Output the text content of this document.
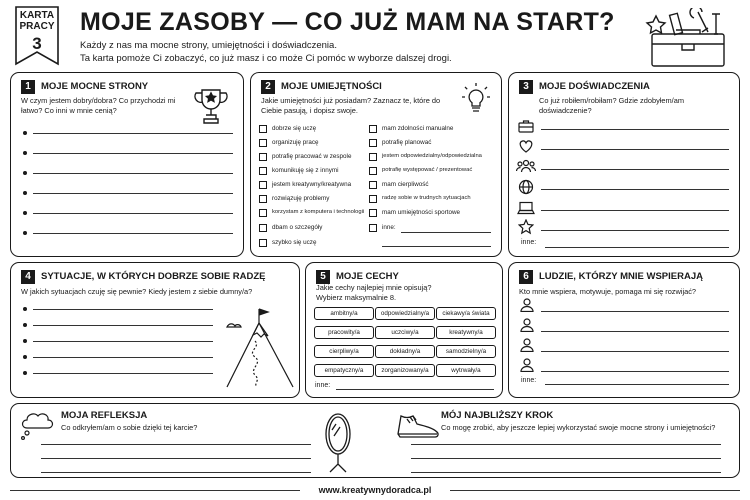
KARTA
PRACY
3
MOJE ZASOBY — CO JUŻ MAM NA START?
Każdy z nas ma mocne strony, umiejętności i doświadczenia.
Ta karta pomoże Ci zobaczyć, co już masz i co może Ci pomóc w wyborze dalszej drogi.
1	MOJE MOCNE STRONY
W czym jestem dobry/dobra? Co przychodzi mi
łatwo? Co inni w mnie cenią?
2	MOJE UMIEJĘTNOŚCI
Jakie umiejętności już posiadam? Zaznacz te, które do
Ciebie pasują, i dopisz swoje.
dobrze się uczę
organizuję pracę
potrafię pracować w zespole
komunikuję się z innymi
jestem kreatywny/kreatywna
rozwiązuję problemy
korzystam z komputera i technologii
dbam o szczegóły
szybko się uczę
mam zdolności manualne
potrafię planować
jestem odpowiedzialny/odpowiedzialna
potrafię występować / prezentować
mam cierpliwość
radzę sobie w trudnych sytuacjach
mam umiejętności sportowe
inne:
3	MOJE DOŚWIADCZENIA
Co już robiłem/robiłam? Gdzie zdobyłem/am
doświadczenie?
inne:
4	SYTUACJE, W KTÓRYCH DOBRZE SOBIE RADZĘ
W jakich sytuacjach czuję się pewnie? Kiedy jestem z siebie dumny/a?
5	MOJE CECHY
Jakie cechy najlepiej mnie opisują?
Wybierz maksymalnie 8.
ambitny/a	odpowiedzialny/a	ciekawy/a świata
pracowity/a	uczciwy/a	kreatywny/a
cierpliwy/a	dokładny/a	samodzielny/a
empatyczny/a	zorganizowany/a	wytrwały/a
inne:
6	LUDZIE, KTÓRZY MNIE WSPIERAJĄ
Kto mnie wspiera, motywuje, pomaga mi się rozwijać?
inne:
MOJA REFLEKSJA
Co odkryłem/am o sobie dzięki tej karcie?
MÓJ NAJBLIŻSZY KROK
Co mogę zrobić, aby jeszcze lepiej wykorzystać swoje mocne strony i umiejętności?
www.kreatywnydoradca.pl
